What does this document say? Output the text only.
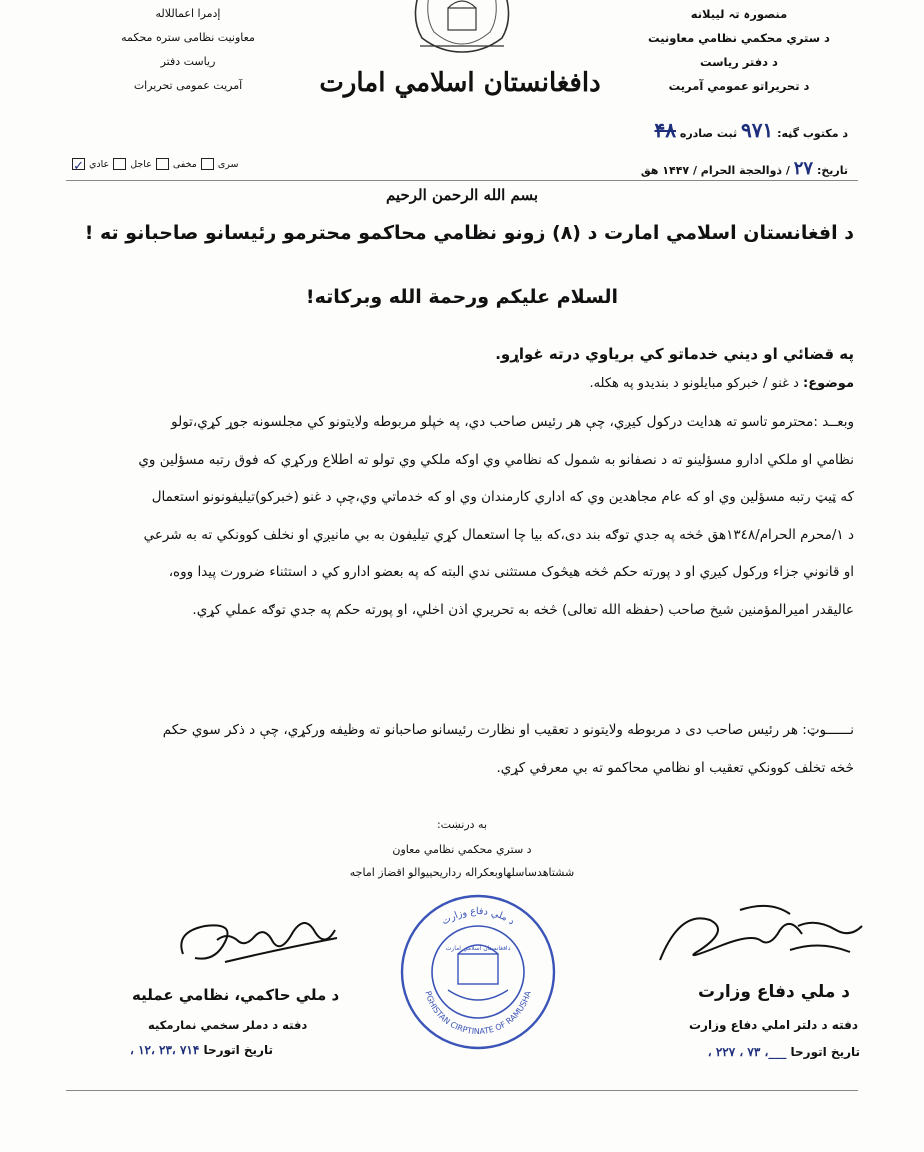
منصورہ تہ ليبلانه
د ستري محكمي نظامي معاونيت
د دفتر رياست
د تحريراتو عمومي آمريت
إدمرا اعماللاله
معاونیت نظامی ستره محکمه
ریاست دفتر
آمریت عمومی تحریرات	دافغانستان اسلامي امارت
د مكتوب گڼه: ۹۷۱ ثبت صادره ۴۸
تاريخ: ۲۷ / ذوالحجة الحرام / ۱۴۴۷ هق
سری
مخفی
عاجل
عادي
✓
بسم الله الرحمن الرحيم
د افغانستان اسلامي امارت د (٨) زونو نظامي محاكمو محترمو رئيسانو صاحبانو ته !
السلام عليكم ورحمة الله وبركاته!
په قضائي او ديني خدماتو کي برياوي درته غواړو.
موضوع: د غنو / خبركو مبايلونو د بنديدو په هكله.
وبعــد :محترمو تاسو ته هدايت دركول كيږي، چې هر رئيس صاحب دي، په خپلو مربوطه ولايتونو كي مجلسونه جوړ كړي،تولو
نظامي او ملكي ادارو مسؤلينو ته د نصفانو به شمول كه نظامي وي اوكه ملكي وي تولو ته اطلاع وركړي كه فوق رتبه مسؤلين وي
كه ټيټ رتبه مسؤلين وي او كه عام مجاهدين وي كه اداري كارمندان وي او كه خدماتي وي،چې د غنو (خبركو)تيليفونونو استعمال
د ١/محرم الحرام/١٣٤٨هق څخه په جدي توګه بند دی،كه بيا چا استعمال كړي تيليفون به بي مانيږي او نخلف كوونكي ته به شرعي
او قانوني جزاء وركول كيږي او د پورته حكم څخه هيڅوک مستثنى ندي البته كه په بعضو ادارو كي د استثناء ضرورت پيدا ووه،
عاليقدر اميرالمؤمنين شيخ صاحب (حفظه الله تعالى) څخه به تحريري اذن اخلي، او پورته حكم په جدي توګه عملي كړي.
نــــــوټ: هر رئيس صاحب دى د مربوطه ولايتونو د تعقيب او نظارت رئيسانو صاحبانو ته وظيفه وركړي، چې د ذكر سوي حكم
څخه تخلف كوونكي تعقيب او نظامي محاكمو ته بي معرفي كړي.
به درنښت:
د ستري محكمي نظامي معاون
ششتاهدساسلهاوبعكراله رداريحييوالو اقضاز اماجه
د ملي دفاع وزارت
PGHISTAN CIRPTINATE OF RAMUSHA
دافغانستان اسلامي امارت
د ملي دفاع وزارت
دفته د دلتر املي دفاع وزارت
تاريخ اتورحا ___، ۷۳ ، ۲۲۷ ،
د ملي حاكمي، نظامي عمليه
دفته د دملر سخمي نمارمكيه
تاريخ اتورحا ۷۱۴ ،۲۳ ،۱۲ ،
